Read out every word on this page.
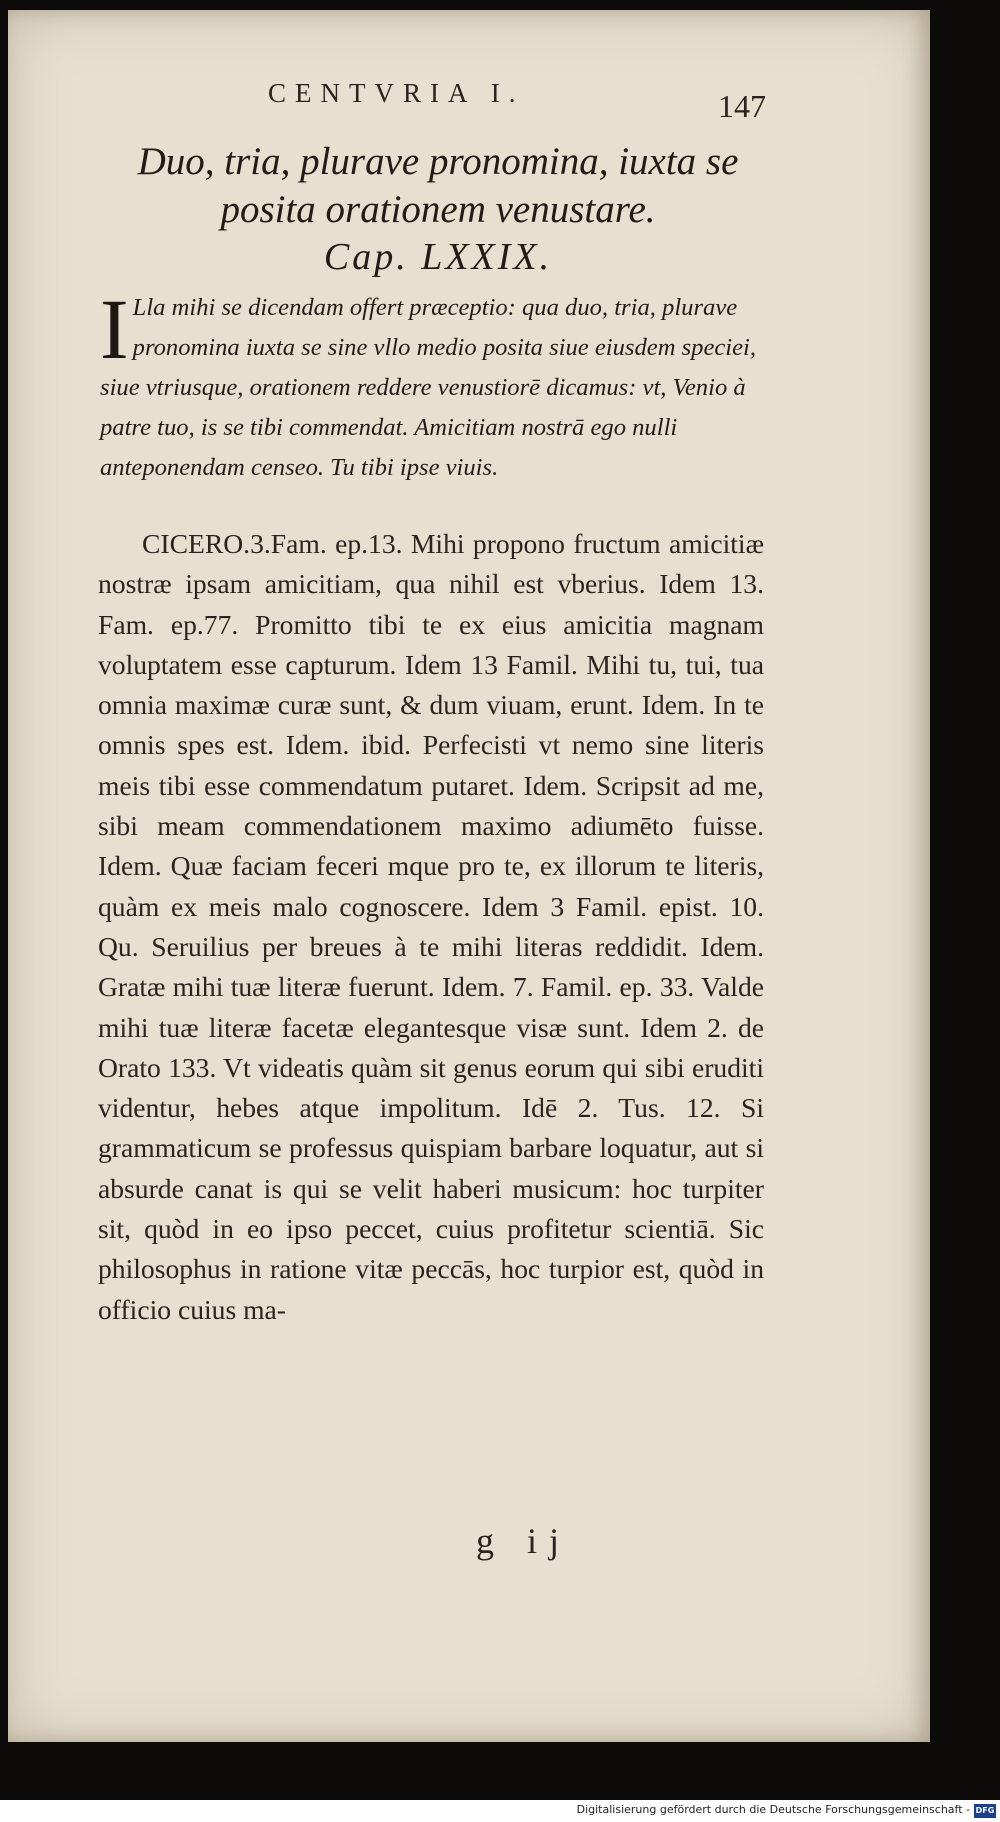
CENTVRIA I.	147
Duo, tria, plurave pronomina, iuxta se posita orationem venustare.
Cap. LXXIX.
I Lla mihi se dicendam offert præceptio: qua duo, tria, plurave pronomina iuxta se sine vllo medio posita siue eiusdem speciei, siue vtriusque, orationem reddere venustiorē dicamus: vt, Venio à patre tuo, is se tibi commendat. Amicitiam nostrā ego nulli anteponendam censeo. Tu tibi ipse viuis.
CICERO.3.Fam. ep.13. Mihi propono fructum amicitiæ nostræ ipsam amicitiam, qua nihil est vberius. Idem 13. Fam. ep.77. Promitto tibi te ex eius amicitia magnam voluptatem esse capturum. Idem 13 Famil. Mihi tu, tui, tua omnia maximæ curæ sunt, & dum viuam, erunt. Idem. In te omnis spes est. Idem. ibid. Perfecisti vt nemo sine literis meis tibi esse commendatum putaret. Idem. Scripsit ad me, sibi meam commendationem maximo adiumēto fuisse. Idem. Quæ faciam feceri mque pro te, ex illorum te literis, quàm ex meis malo cognoscere. Idem 3 Famil. epist. 10. Qu. Seruilius per breues à te mihi literas reddidit. Idem. Gratæ mihi tuæ literæ fuerunt. Idem. 7. Famil. ep. 33. Valde mihi tuæ literæ facetæ elegantesque visæ sunt. Idem 2. de Orato 133. Vt videatis quàm sit genus eorum qui sibi eruditi videntur, hebes atque impolitum. Idē 2. Tus. 12. Si grammaticum se professus quispiam barbare loquatur, aut si absurde canat is qui se velit haberi musicum: hoc turpiter sit, quòd in eo ipso peccet, cuius profitetur scientiā. Sic philosophus in ratione vitæ peccās, hoc turpior est, quòd in officio cuius ma-
g ij
Digitalisierung gefördert durch die Deutsche Forschungsgemeinschaft - DFG
